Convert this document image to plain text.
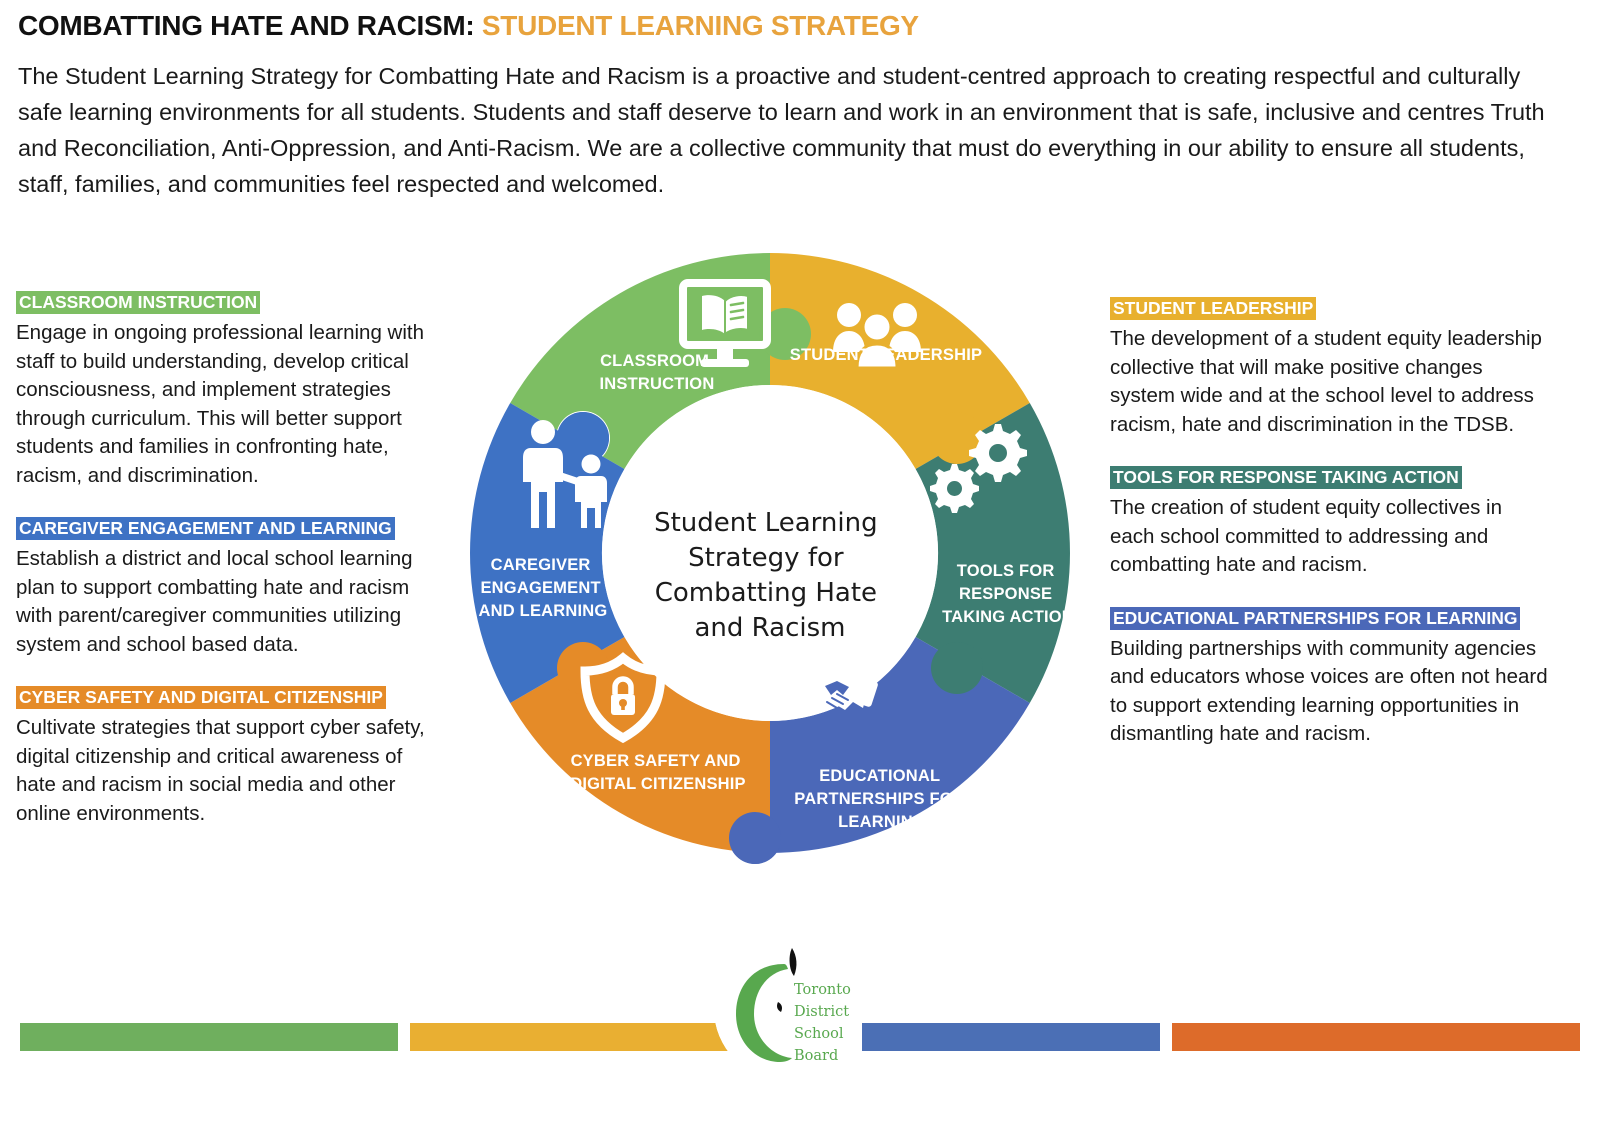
COMBATTING HATE AND RACISM: STUDENT LEARNING STRATEGY

The Student Learning Strategy for Combatting Hate and Racism is a proactive and student-centred approach to creating respectful and culturally safe learning environments for all students. Students and staff deserve to learn and work in an environment that is safe, inclusive and centres Truth and Reconciliation, Anti-Oppression, and Anti-Racism. We are a collective community that must do everything in our ability to ensure all students, staff, families, and communities feel respected and welcomed.

CLASSROOM INSTRUCTION
Engage in ongoing professional learning with staff to build understanding, develop critical consciousness, and implement strategies through curriculum. This will better support students and families in confronting hate, racism, and discrimination.
CAREGIVER ENGAGEMENT AND LEARNING
Establish a district and local school learning plan to support combatting hate and racism with parent/caregiver communities utilizing system and school based data.
CYBER SAFETY AND DIGITAL CITIZENSHIP
Cultivate strategies that support cyber safety, digital citizenship and critical awareness of hate and racism in social media and other online environments.
STUDENT LEADERSHIP
The development of a student equity leadership collective that will make positive changes system wide and at the school level to address racism, hate and discrimination in the TDSB.
TOOLS FOR RESPONSE TAKING ACTION
The creation of student equity collectives in each school committed to addressing and combatting hate and racism.
EDUCATIONAL PARTNERSHIPS FOR LEARNING
Building partnerships with community agencies and educators whose voices are often not heard to support extending learning opportunities in dismantling hate and racism.
CLASSROOM INSTRUCTION
STUDENT LEADERSHIP
TOOLS FOR RESPONSE TAKING ACTION
EDUCATIONAL PARTNERSHIPS FOR LEARNING
CYBER SAFETY AND DIGITAL CITIZENSHIP
CAREGIVER ENGAGEMENT AND LEARNING
Student Learning Strategy for Combatting Hate and Racism
Toronto
District
School
Board
